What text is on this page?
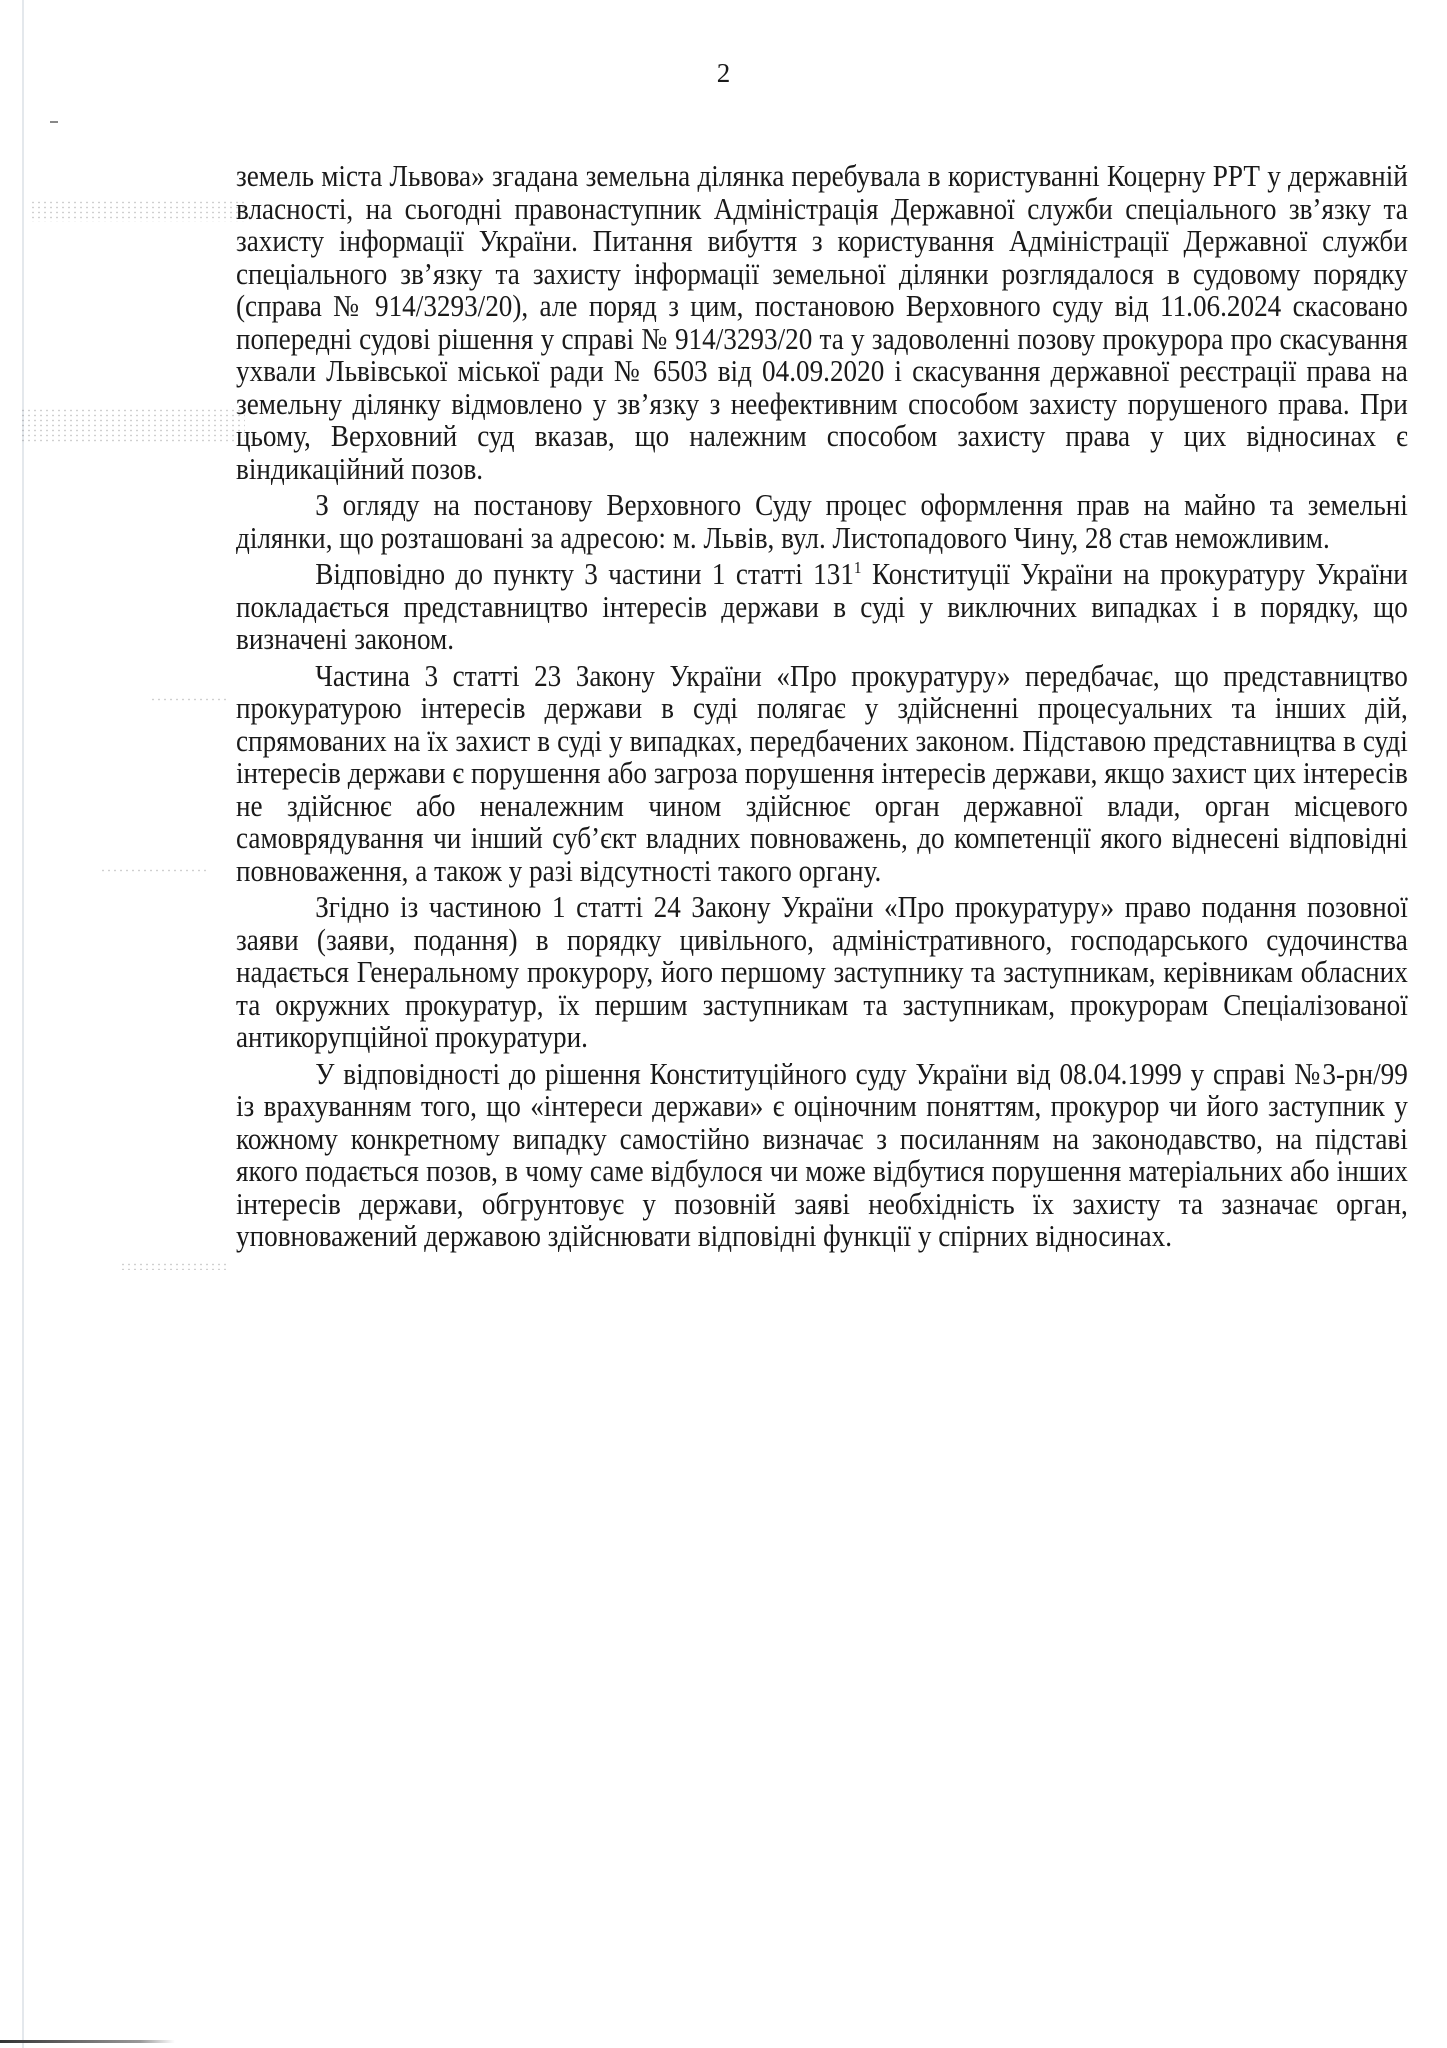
2

земель міста Львова» згадана земельна ділянка перебувала в користуванні Коцерну РРТ у державній власності, на сьогодні правонаступник Адміністрація Державної служби спеціального зв’язку та захисту інформації України. Питання вибуття з користування Адміністрації Державної служби спеціального зв’язку та захисту інформації земельної ділянки розглядалося в судовому порядку (справа № 914/3293/20), але поряд з цим, постановою Верховного суду від 11.06.2024 скасовано попередні судові рішення у справі № 914/3293/20 та у задоволенні позову прокурора про скасування ухвали Львівської міської ради № 6503 від 04.09.2020 і скасування державної реєстрації права на земельну ділянку відмовлено у зв’язку з неефективним способом захисту порушеного права. При цьому, Верховний суд вказав, що належним способом захисту права у цих відносинах є віндикаційний позов.

З огляду на постанову Верховного Суду процес оформлення прав на майно та земельні ділянки, що розташовані за адресою: м. Львів, вул. Листопадового Чину, 28 став неможливим.

Відповідно до пункту 3 частини 1 статті $131^1$ Конституції України на прокуратуру України покладається представництво інтересів держави в суді у виключних випадках і в порядку, що визначені законом.

Частина 3 статті 23 Закону України «Про прокуратуру» передбачає, що представництво прокуратурою інтересів держави в суді полягає у здійсненні процесуальних та інших дій, спрямованих на їх захист в суді у випадках, передбачених законом. Підставою представництва в суді інтересів держави є порушення або загроза порушення інтересів держави, якщо захист цих інтересів не здійснює або неналежним чином здійснює орган державної влади, орган місцевого самоврядування чи інший суб’єкт владних повноважень, до компетенції якого віднесені відповідні повноваження, а також у разі відсутності такого органу.

Згідно із частиною 1 статті 24 Закону України «Про прокуратуру» право подання позовної заяви (заяви, подання) в порядку цивільного, адміністративного, господарського судочинства надається Генеральному прокурору, його першому заступнику та заступникам, керівникам обласних та окружних прокуратур, їх першим заступникам та заступникам, прокурорам Спеціалізованої антикорупційної прокуратури.

У відповідності до рішення Конституційного суду України від 08.04.1999 у справі №3-рн/99 із врахуванням того, що «інтереси держави» є оціночним поняттям, прокурор чи його заступник у кожному конкретному випадку самостійно визначає з посиланням на законодавство, на підставі якого подається позов, в чому саме відбулося чи може відбутися порушення матеріальних або інших інтересів держави, обгрунтовує у позовній заяві необхідність їх захисту та зазначає орган, уповноважений державою здійснювати відповідні функції у спірних відносинах.
